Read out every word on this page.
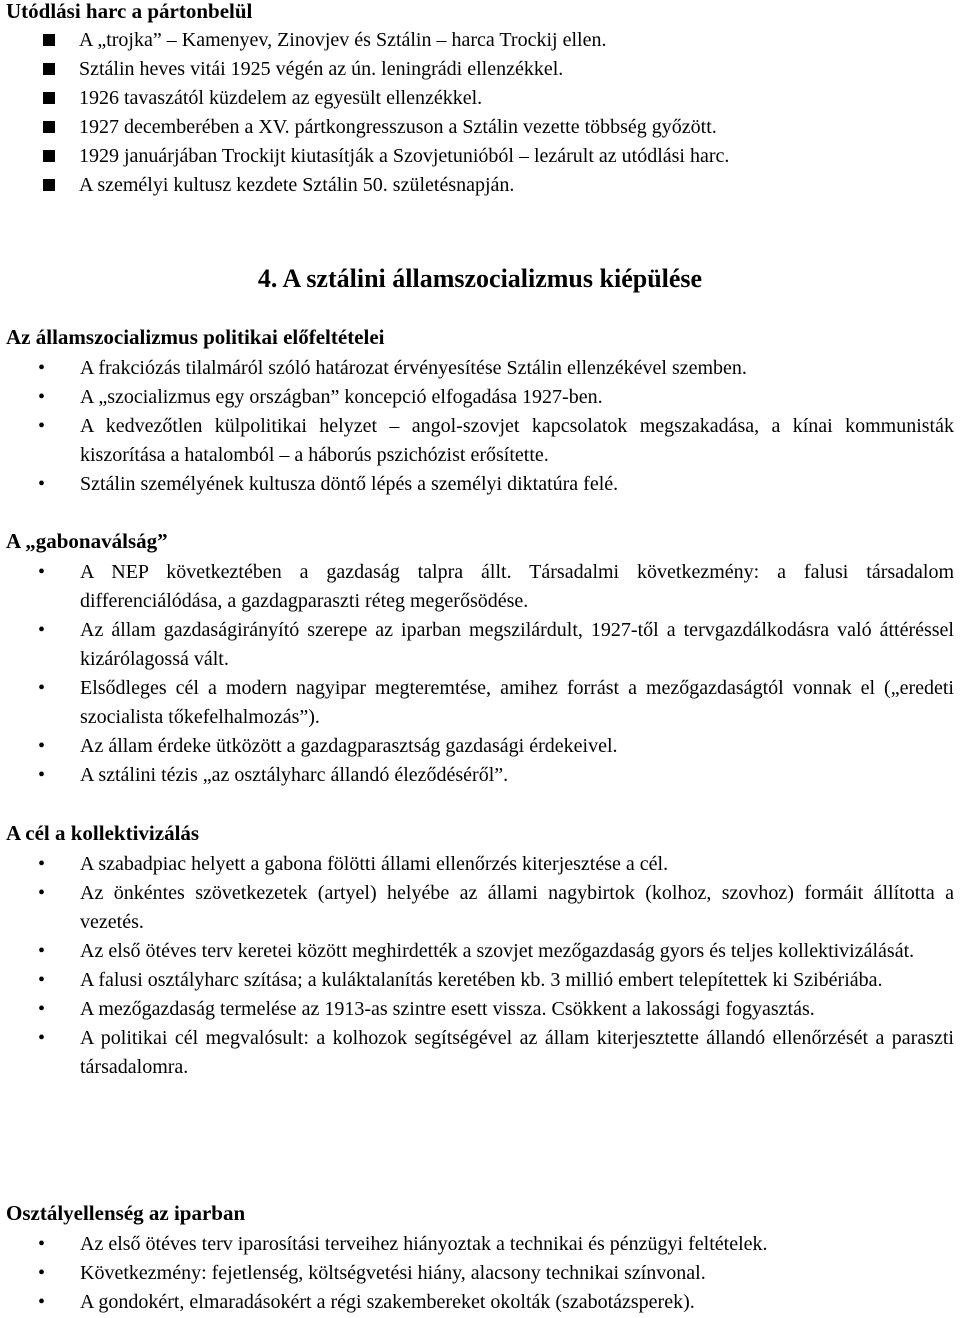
Utódlási harc a pártonbelül
A „trojka” – Kamenyev, Zinovjev és Sztálin – harca Trockij ellen.
Sztálin heves vitái 1925 végén az ún. leningrádi ellenzékkel.
1926 tavaszától küzdelem az egyesült ellenzékkel.
1927 decemberében a XV. pártkongresszuson a Sztálin vezette többség győzött.
1929 januárjában Trockijt kiutasítják a Szovjetunióból – lezárult az utódlási harc.
A személyi kultusz kezdete Sztálin 50. születésnapján.
4. A sztálini államszocializmus kiépülése
Az államszocializmus politikai előfeltételei
• A frakciózás tilalmáról szóló határozat érvényesítése Sztálin ellenzékével szemben.
• A „szocializmus egy országban” koncepció elfogadása 1927-ben.
• A kedvezőtlen külpolitikai helyzet – angol-szovjet kapcsolatok megszakadása, a kínai kommunisták kiszorítása a hatalomból – a háborús pszichózist erősítette.
• Sztálin személyének kultusza döntő lépés a személyi diktatúra felé.
A „gabonaválság”
• A NEP következtében a gazdaság talpra állt. Társadalmi következmény: a falusi társadalom differenciálódása, a gazdagparaszti réteg megerősödése.
• Az állam gazdaságirányító szerepe az iparban megszilárdult, 1927-től a tervgazdálkodásra való áttéréssel kizárólagossá vált.
• Elsődleges cél a modern nagyipar megteremtése, amihez forrást a mezőgazdaságtól vonnak el („eredeti szocialista tőkefelhalmozás”).
• Az állam érdeke ütközött a gazdagparasztság gazdasági érdekeivel.
• A sztálini tézis „az osztályharc állandó éleződéséről”.
A cél a kollektivizálás
• A szabadpiac helyett a gabona fölötti állami ellenőrzés kiterjesztése a cél.
• Az önkéntes szövetkezetek (artyel) helyébe az állami nagybirtok (kolhoz, szovhoz) formáit állította a vezetés.
• Az első ötéves terv keretei között meghirdették a szovjet mezőgazdaság gyors és teljes kollektivizálását.
• A falusi osztályharc szítása; a kuláktalanítás keretében kb. 3 millió embert telepítettek ki Szibériába.
• A mezőgazdaság termelése az 1913-as szintre esett vissza. Csökkent a lakossági fogyasztás.
• A politikai cél megvalósult: a kolhozok segítségével az állam kiterjesztette állandó ellenőrzését a paraszti társadalomra.
Osztályellenség az iparban
• Az első ötéves terv iparosítási terveihez hiányoztak a technikai és pénzügyi feltételek.
• Következmény: fejetlenség, költségvetési hiány, alacsony technikai színvonal.
• A gondokért, elmaradásokért a régi szakembereket okolták (szabotázsperek).
